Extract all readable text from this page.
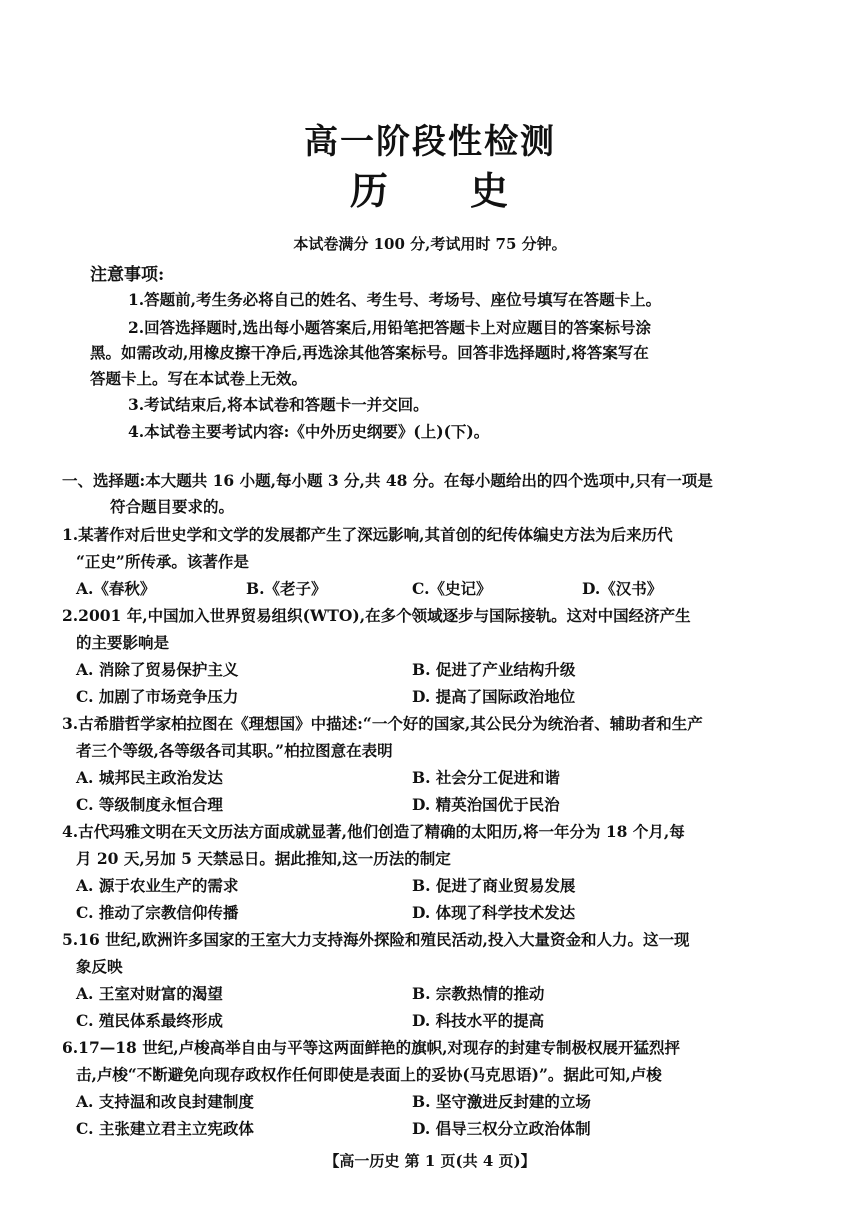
高一阶段性检测
历 史
本试卷满分 100 分,考试用时 75 分钟。
注意事项:
1.答题前,考生务必将自己的姓名、考生号、考场号、座位号填写在答题卡上。
2.回答选择题时,选出每小题答案后,用铅笔把答题卡上对应题目的答案标号涂
黑。如需改动,用橡皮擦干净后,再选涂其他答案标号。回答非选择题时,将答案写在
答题卡上。写在本试卷上无效。
3.考试结束后,将本试卷和答题卡一并交回。
4.本试卷主要考试内容:《中外历史纲要》(上)(下)。
一、选择题:本大题共 16 小题,每小题 3 分,共 48 分。在每小题给出的四个选项中,只有一项是
符合题目要求的。
1.某著作对后世史学和文学的发展都产生了深远影响,其首创的纪传体编史方法为后来历代
“正史”所传承。该著作是
A.《春秋》	B.《老子》	C.《史记》	D.《汉书》
2.2001 年,中国加入世界贸易组织(WTO),在多个领域逐步与国际接轨。这对中国经济产生
的主要影响是
A. 消除了贸易保护主义	B. 促进了产业结构升级
C. 加剧了市场竞争压力	D. 提高了国际政治地位
3.古希腊哲学家柏拉图在《理想国》中描述:“一个好的国家,其公民分为统治者、辅助者和生产
者三个等级,各等级各司其职。”柏拉图意在表明
A. 城邦民主政治发达	B. 社会分工促进和谐
C. 等级制度永恒合理	D. 精英治国优于民治
4.古代玛雅文明在天文历法方面成就显著,他们创造了精确的太阳历,将一年分为 18 个月,每
月 20 天,另加 5 天禁忌日。据此推知,这一历法的制定
A. 源于农业生产的需求	B. 促进了商业贸易发展
C. 推动了宗教信仰传播	D. 体现了科学技术发达
5.16 世纪,欧洲许多国家的王室大力支持海外探险和殖民活动,投入大量资金和人力。这一现
象反映
A. 王室对财富的渴望	B. 宗教热情的推动
C. 殖民体系最终形成	D. 科技水平的提高
6.17—18 世纪,卢梭高举自由与平等这两面鲜艳的旗帜,对现存的封建专制极权展开猛烈抨
击,卢梭“不断避免向现存政权作任何即使是表面上的妥协(马克思语)”。据此可知,卢梭
A. 支持温和改良封建制度	B. 坚守激进反封建的立场
C. 主张建立君主立宪政体	D. 倡导三权分立政治体制
【高一历史 第 1 页(共 4 页)】
